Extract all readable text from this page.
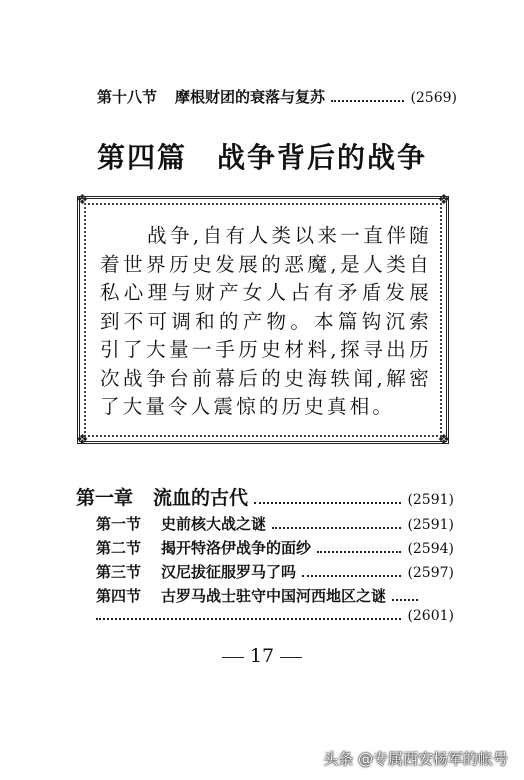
第十八节 摩根财团的衰落与复苏	(2569)
第四篇 战争背后的战争
❖	❖
❖	❖
战争,自有人类以来一直伴随着世界历史发展的恶魔,是人类自私心理与财产女人占有矛盾发展到不可调和的产物。本篇钩沉索引了大量一手历史材料,探寻出历次战争台前幕后的史海轶闻,解密了大量令人震惊的历史真相。
第一章 流血的古代	(2591)
第一节 史前核大战之谜	(2591)
第二节 揭开特洛伊战争的面纱	(2594)
第三节 汉尼拔征服罗马了吗	(2597)
第四节 古罗马战士驻守中国河西地区之谜
(2601)
17
头条 @专属西安杨军的帐号
